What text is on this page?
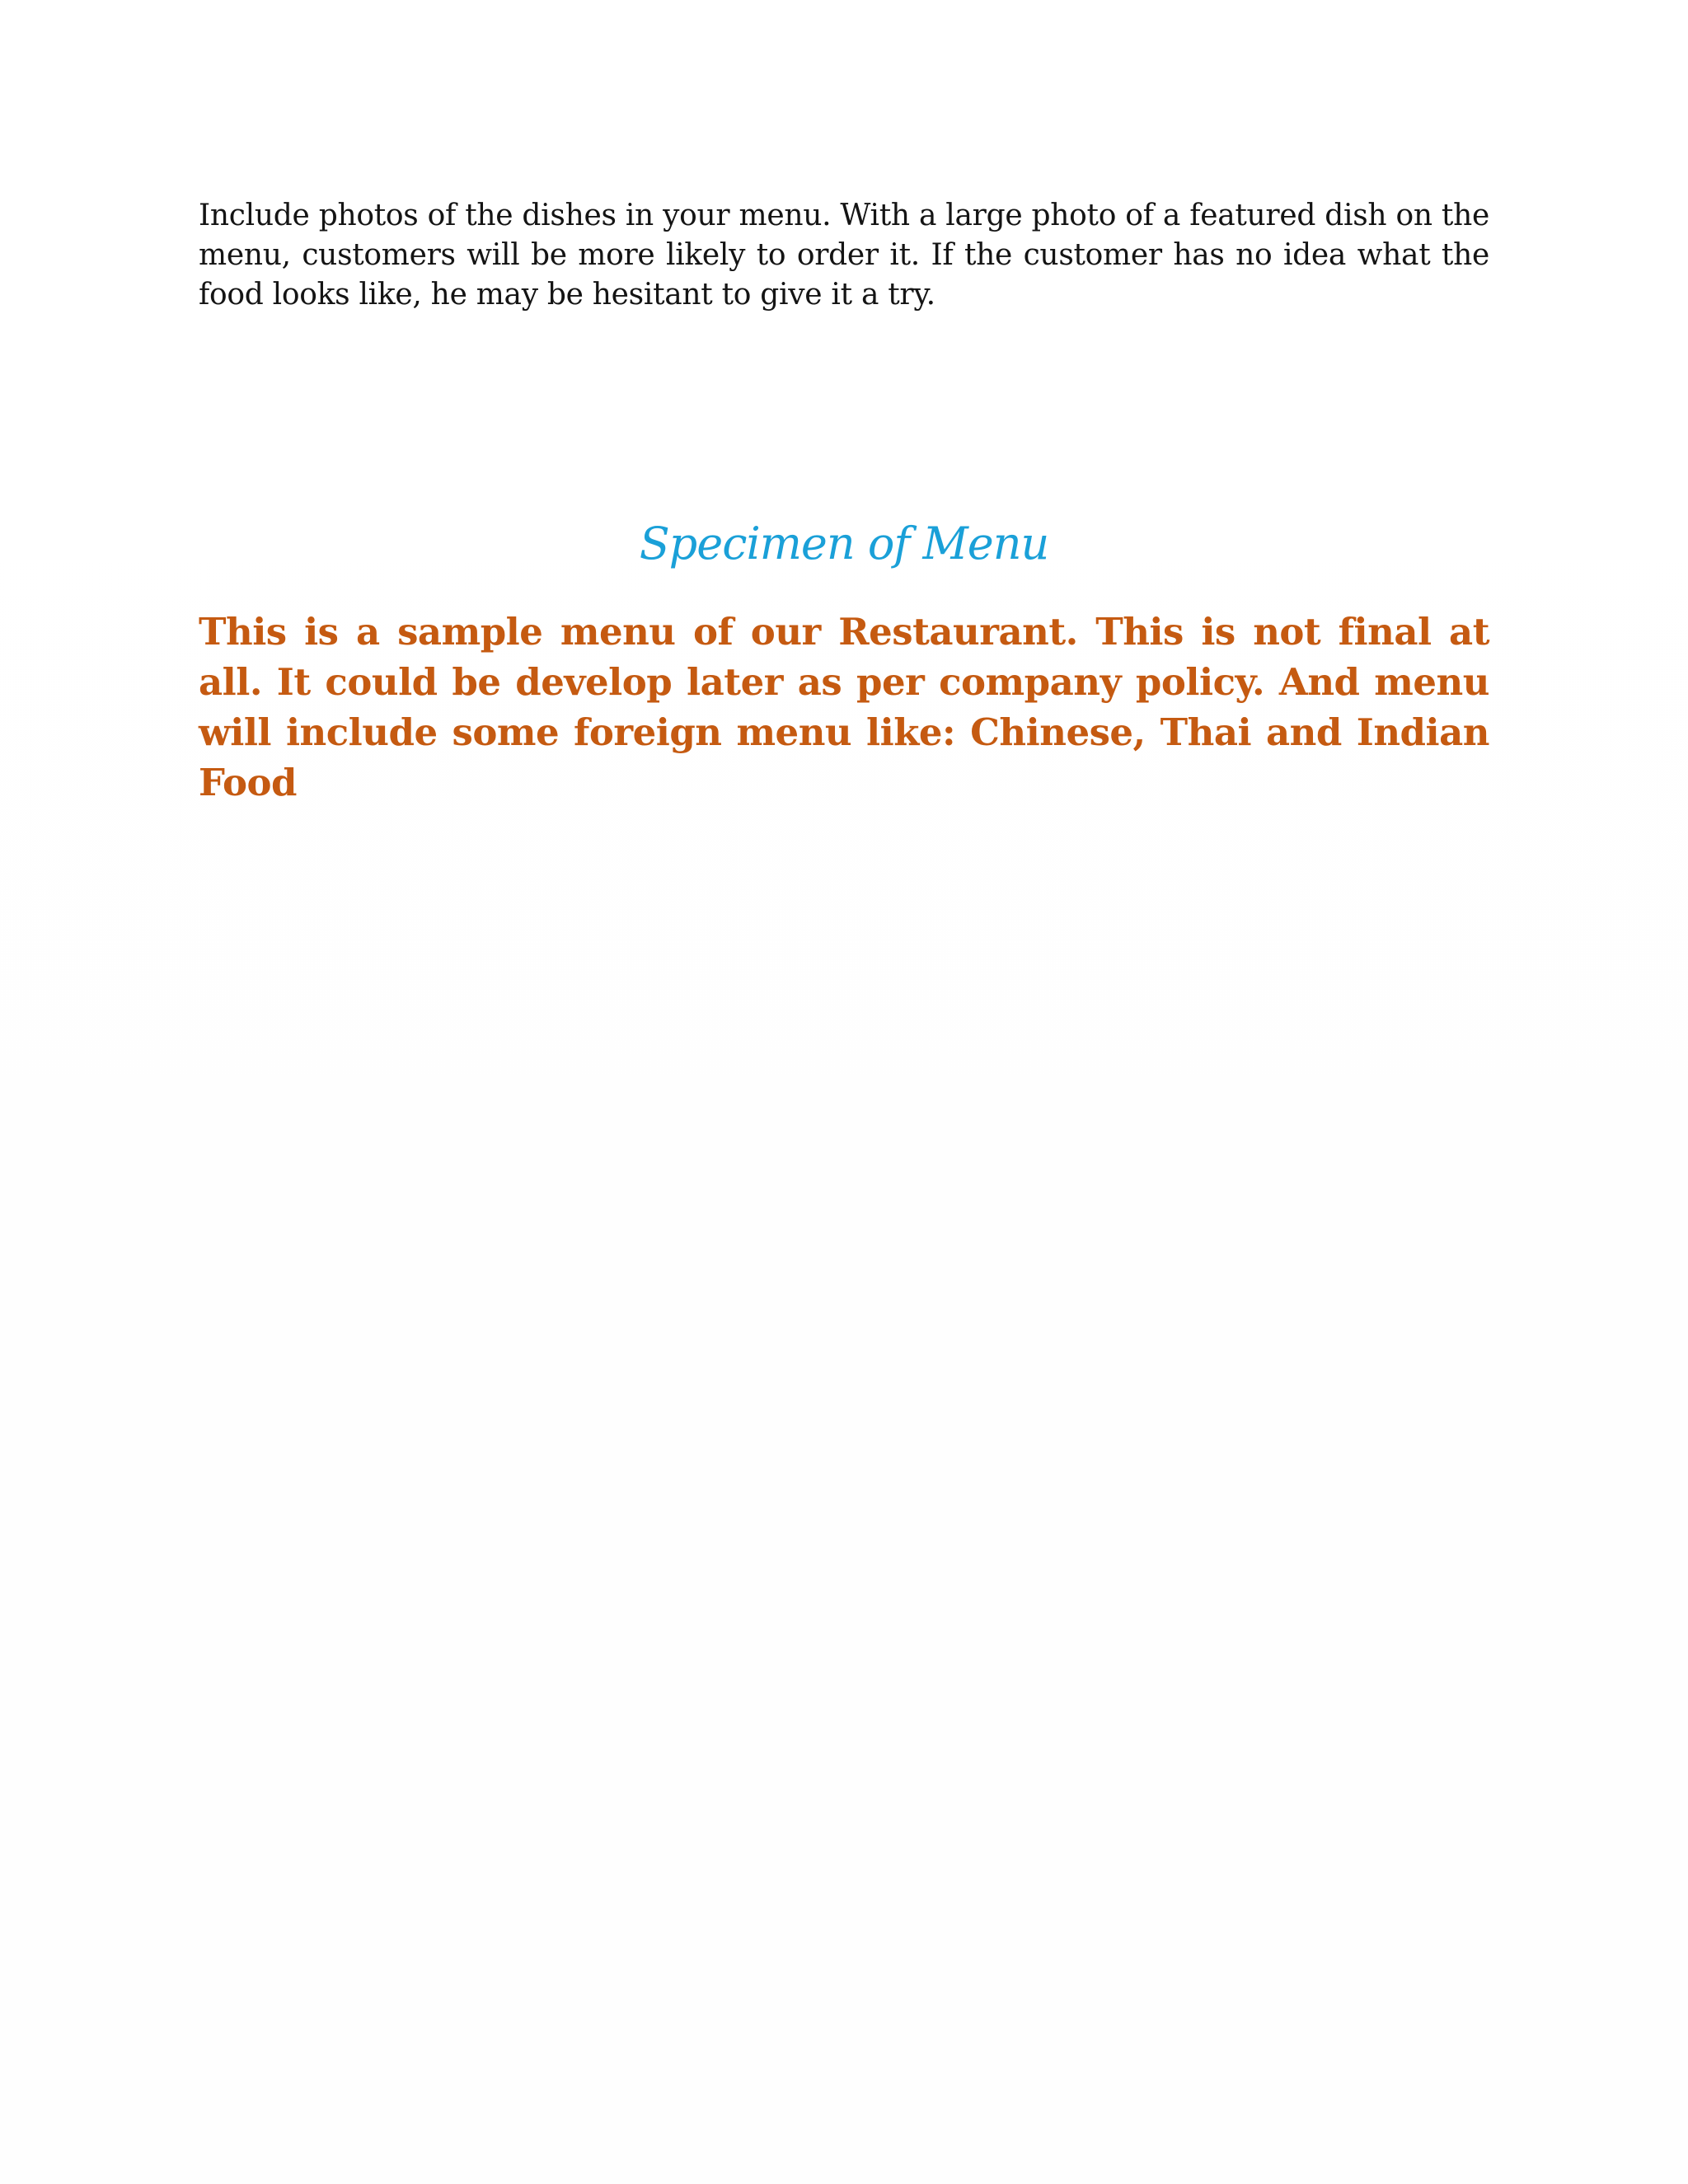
Include photos of the dishes in your menu. With a large photo of a featured dish on the menu, customers will be more likely to order it. If the customer has no idea what the food looks like, he may be hesitant to give it a try.

Specimen of Menu

This is a sample menu of our Restaurant. This is not final at all. It could be develop later as per company policy. And menu will include some foreign menu like: Chinese, Thai and Indian Food
